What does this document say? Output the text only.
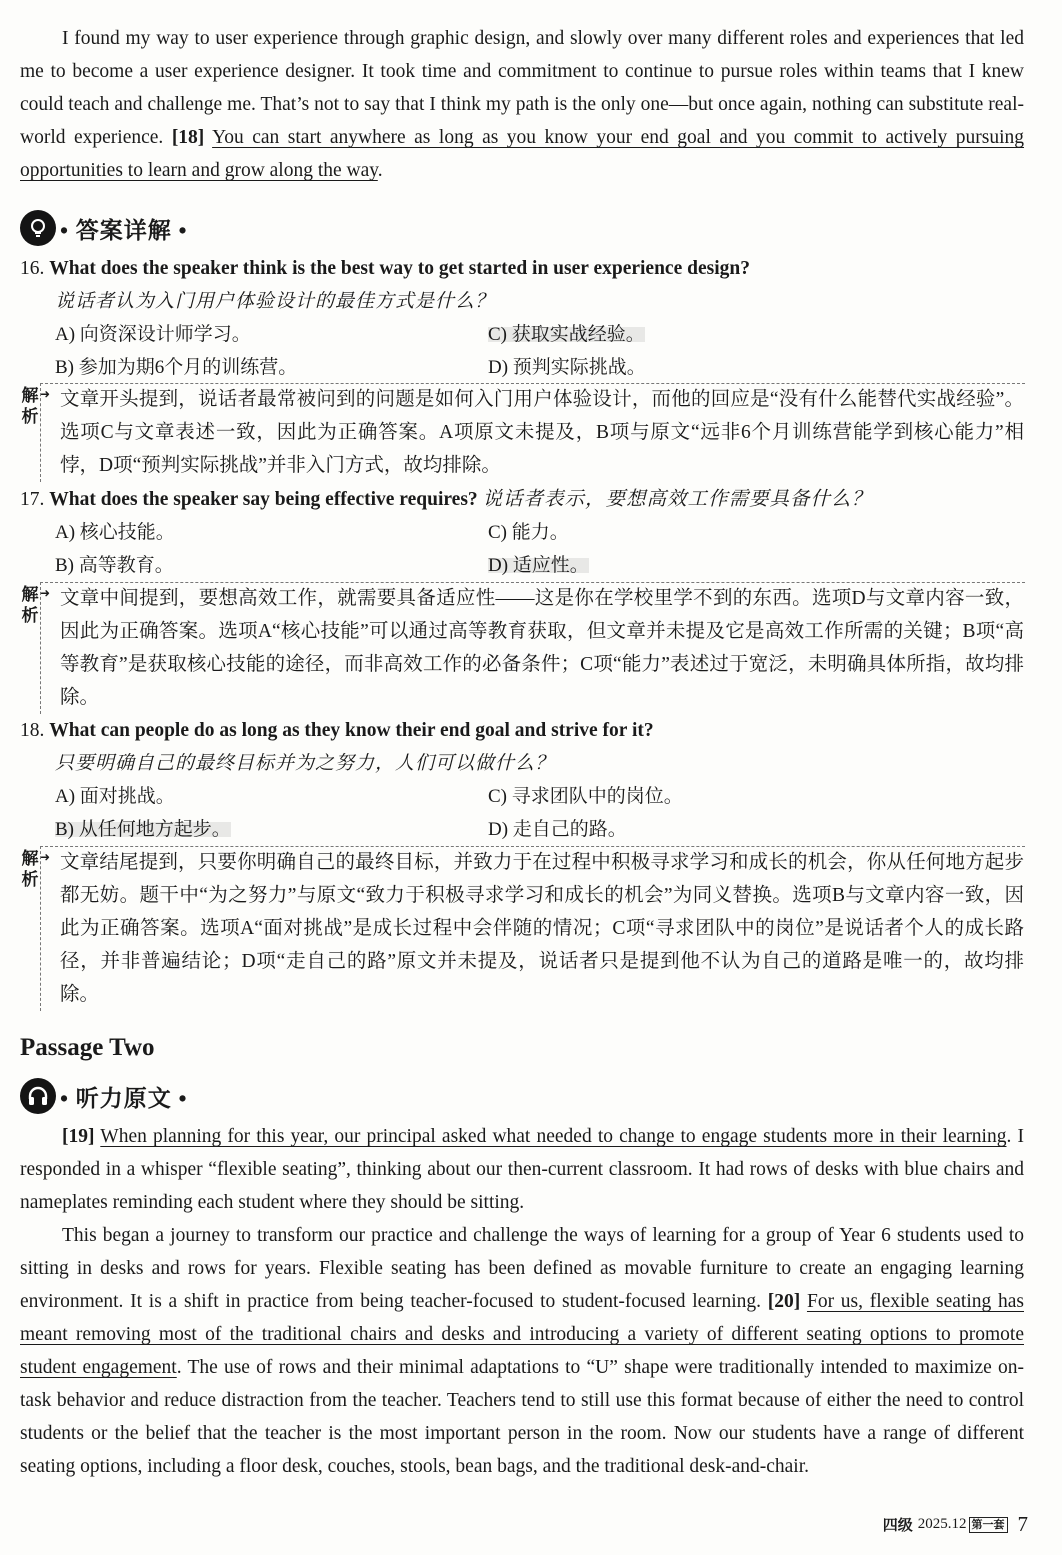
I found my way to user experience through graphic design, and slowly over many different roles and experiences that led me to become a user experience designer. It took time and commitment to continue to pursue roles within teams that I knew could teach and challenge me. That’s not to say that I think my path is the only one—but once again, nothing can substitute real-world experience. [18] You can start anywhere as long as you know your end goal and you commit to actively pursuing opportunities to learn and grow along the way.

• 答案详解 •
16. What does the speaker think is the best way to get started in user experience design?
说话者认为入门用户体验设计的最佳方式是什么？
A) 向资深设计师学习。	C) 获取实战经验。
B) 参加为期6个月的训练营。	D) 预判实际挑战。
解析
➜ 文章开头提到，说话者最常被问到的问题是如何入门用户体验设计，而他的回应是“没有什么能替代实战经验”。选项C与文章表述一致，因此为正确答案。A项原文未提及，B项与原文“远非6个月训练营能学到核心能力”相悖，D项“预判实际挑战”并非入门方式，故均排除。
17. What does the speaker say being effective requires? 说话者表示，要想高效工作需要具备什么？
A) 核心技能。	C) 能力。
B) 高等教育。	D) 适应性。
解析
➜ 文章中间提到，要想高效工作，就需要具备适应性——这是你在学校里学不到的东西。选项D与文章内容一致，因此为正确答案。选项A“核心技能”可以通过高等教育获取，但文章并未提及它是高效工作所需的关键；B项“高等教育”是获取核心技能的途径，而非高效工作的必备条件；C项“能力”表述过于宽泛，未明确具体所指，故均排除。
18. What can people do as long as they know their end goal and strive for it?
只要明确自己的最终目标并为之努力，人们可以做什么？
A) 面对挑战。	C) 寻求团队中的岗位。
B) 从任何地方起步。	D) 走自己的路。
解析
➜ 文章结尾提到，只要你明确自己的最终目标，并致力于在过程中积极寻求学习和成长的机会，你从任何地方起步都无妨。题干中“为之努力”与原文“致力于积极寻求学习和成长的机会”为同义替换。选项B与文章内容一致，因此为正确答案。选项A“面对挑战”是成长过程中会伴随的情况；C项“寻求团队中的岗位”是说话者个人的成长路径，并非普遍结论；D项“走自己的路”原文并未提及，说话者只是提到他不认为自己的道路是唯一的，故均排除。
Passage Two
• 听力原文 •

[19] When planning for this year, our principal asked what needed to change to engage students more in their learning. I responded in a whisper “flexible seating”, thinking about our then-current classroom. It had rows of desks with blue chairs and nameplates reminding each student where they should be sitting.

This began a journey to transform our practice and challenge the ways of learning for a group of Year 6 students used to sitting in desks and rows for years. Flexible seating has been defined as movable furniture to create an engaging learning environment. It is a shift in practice from being teacher-focused to student-focused learning. [20] For us, flexible seating has meant removing most of the traditional chairs and desks and introducing a variety of different seating options to promote student engagement. The use of rows and their minimal adaptations to “U” shape were traditionally intended to maximize on-task behavior and reduce distraction from the teacher. Teachers tend to still use this format because of either the need to control students or the belief that the teacher is the most important person in the room. Now our students have a range of different seating options, including a floor desk, couches, stools, bean bags, and the traditional desk-and-chair.

四级 2025.12 第一套 7
